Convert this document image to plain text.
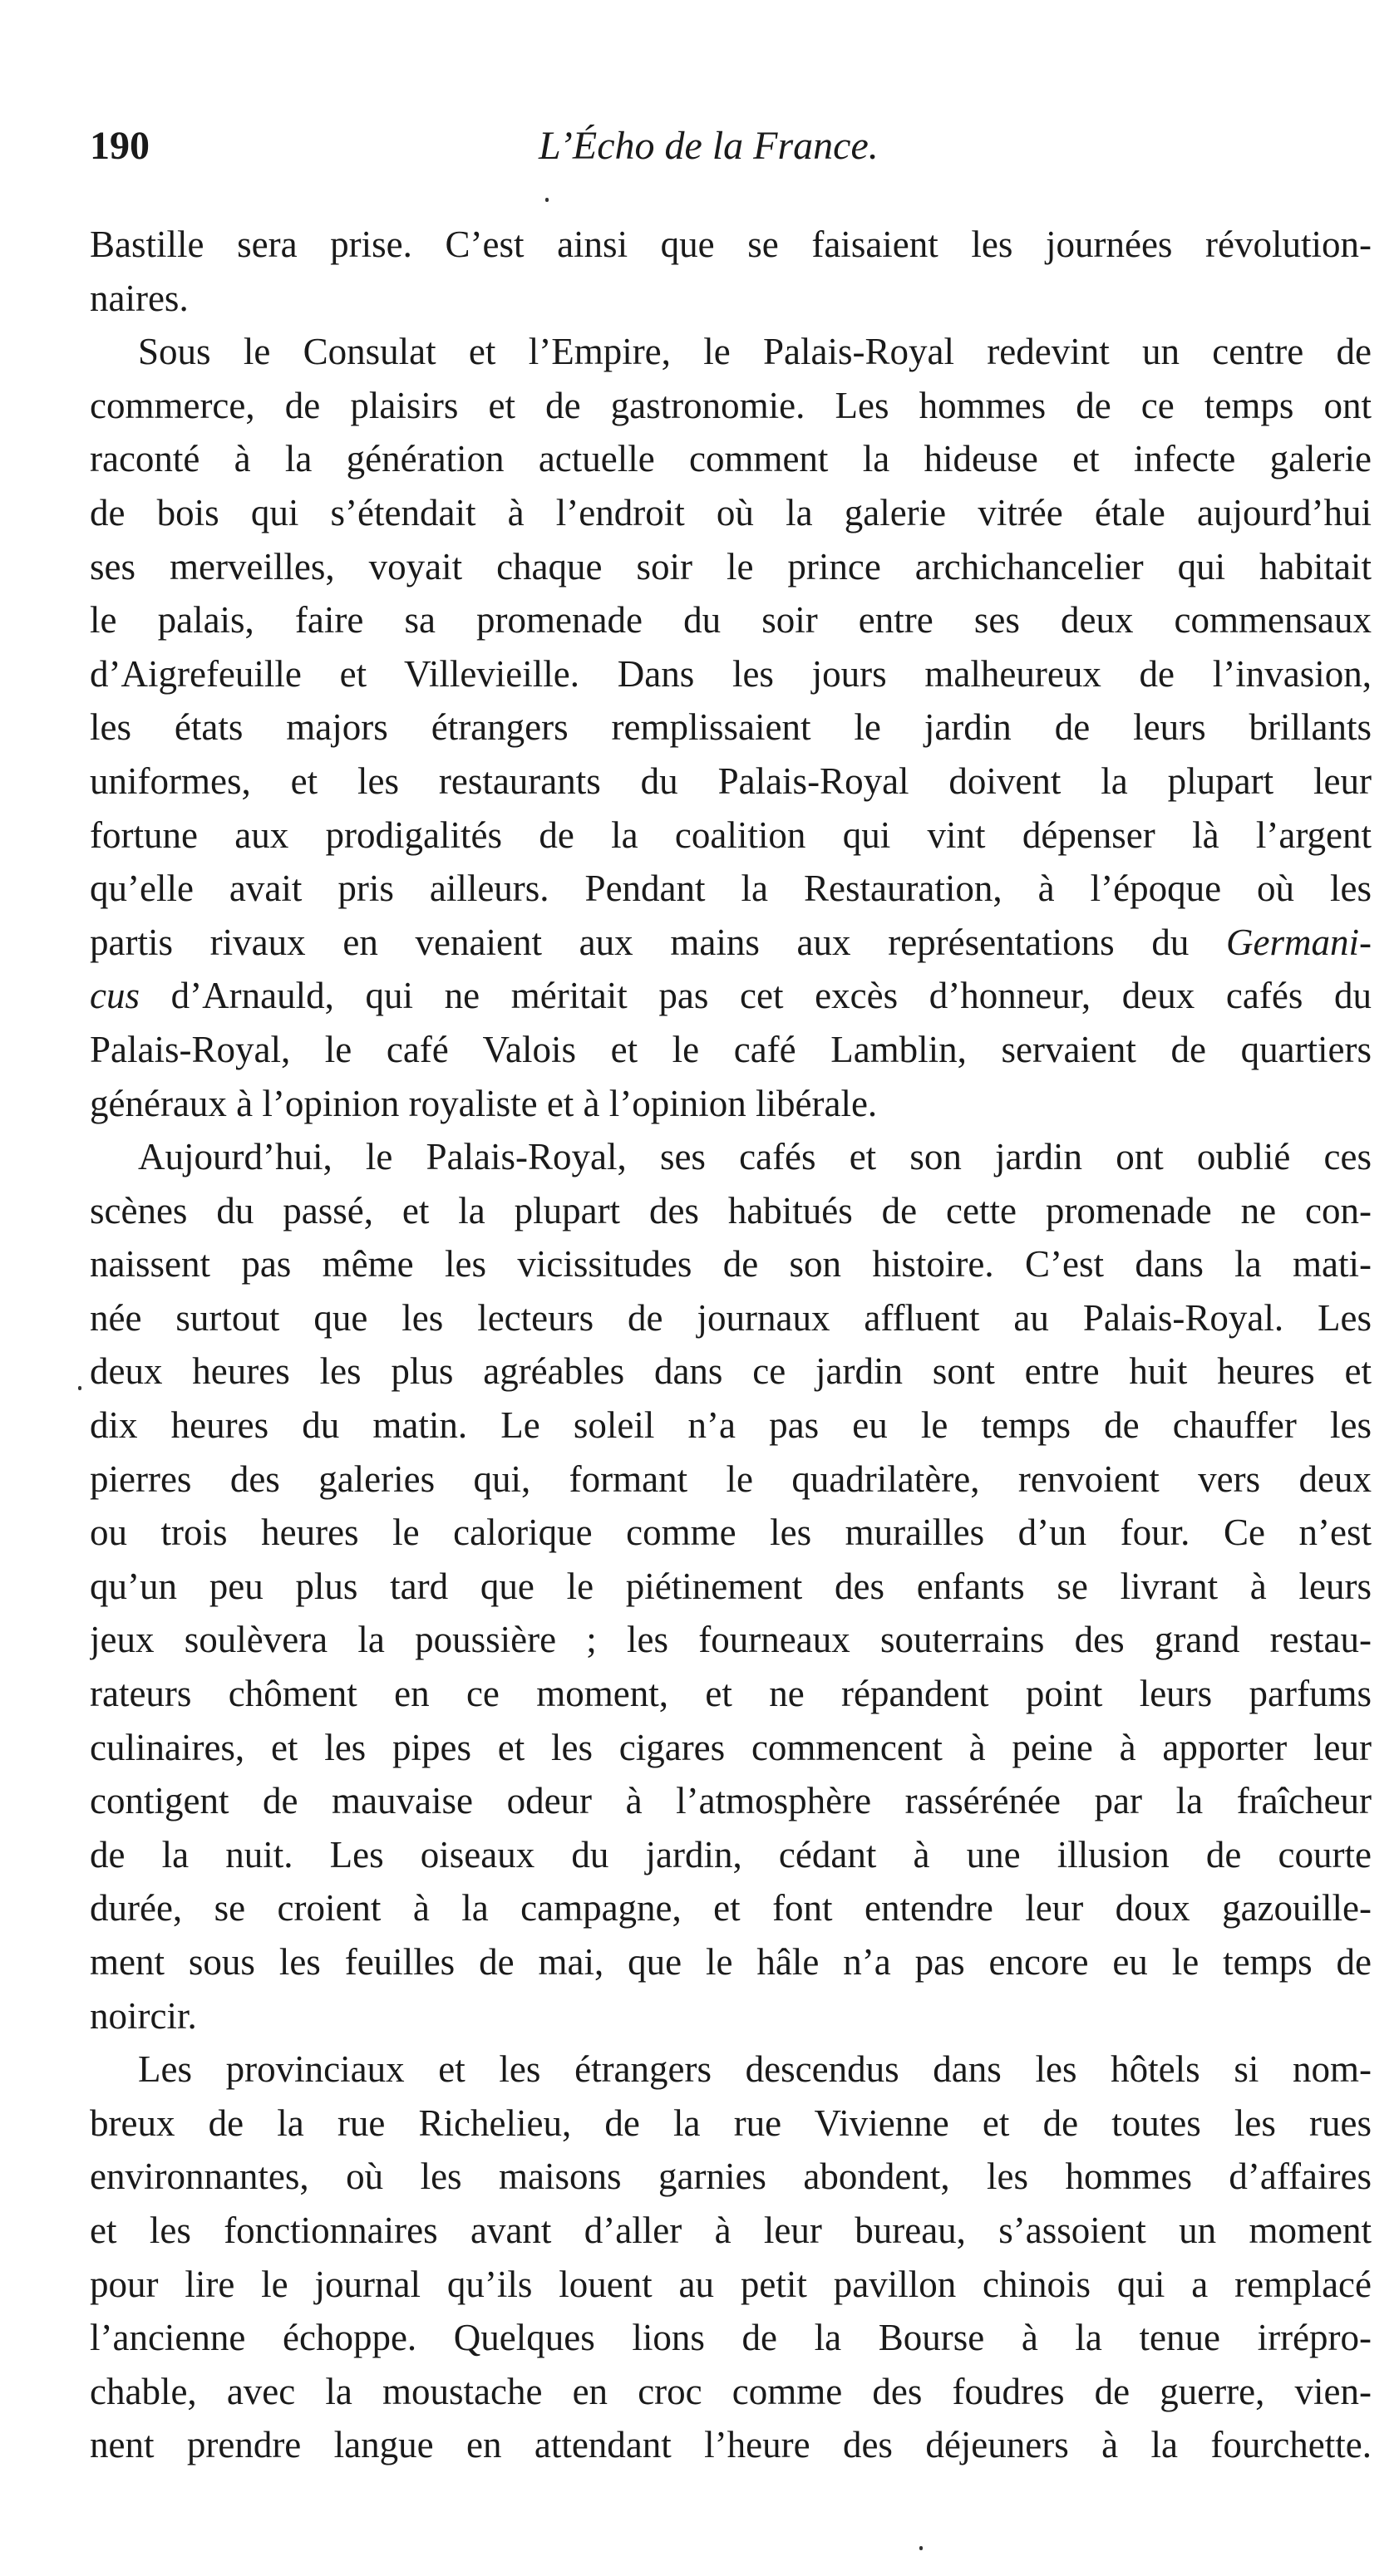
190	L’Écho de la France.
Bastille sera prise. C’est ainsi que se faisaient les journées révolution-
naires.
Sous le Consulat et l’Empire, le Palais-Royal redevint un centre de
commerce, de plaisirs et de gastronomie. Les hommes de ce temps ont
raconté à la génération actuelle comment la hideuse et infecte galerie
de bois qui s’étendait à l’endroit où la galerie vitrée étale aujourd’hui
ses merveilles, voyait chaque soir le prince archichancelier qui habitait
le palais, faire sa promenade du soir entre ses deux commensaux
d’Aigrefeuille et Villevieille. Dans les jours malheureux de l’invasion,
les états majors étrangers remplissaient le jardin de leurs brillants
uniformes, et les restaurants du Palais-Royal doivent la plupart leur
fortune aux prodigalités de la coalition qui vint dépenser là l’argent
qu’elle avait pris ailleurs. Pendant la Restauration, à l’époque où les
partis rivaux en venaient aux mains aux représentations du Germani-
cus d’Arnauld, qui ne méritait pas cet excès d’honneur, deux cafés du
Palais-Royal, le café Valois et le café Lamblin, servaient de quartiers
généraux à l’opinion royaliste et à l’opinion libérale.
Aujourd’hui, le Palais-Royal, ses cafés et son jardin ont oublié ces
scènes du passé, et la plupart des habitués de cette promenade ne con-
naissent pas même les vicissitudes de son histoire. C’est dans la mati-
née surtout que les lecteurs de journaux affluent au Palais-Royal. Les
deux heures les plus agréables dans ce jardin sont entre huit heures et
dix heures du matin. Le soleil n’a pas eu le temps de chauffer les
pierres des galeries qui, formant le quadrilatère, renvoient vers deux
ou trois heures le calorique comme les murailles d’un four. Ce n’est
qu’un peu plus tard que le piétinement des enfants se livrant à leurs
jeux soulèvera la poussière ; les fourneaux souterrains des grand restau-
rateurs chôment en ce moment, et ne répandent point leurs parfums
culinaires, et les pipes et les cigares commencent à peine à apporter leur
contigent de mauvaise odeur à l’atmosphère rassérénée par la fraîcheur
de la nuit. Les oiseaux du jardin, cédant à une illusion de courte
durée, se croient à la campagne, et font entendre leur doux gazouille-
ment sous les feuilles de mai, que le hâle n’a pas encore eu le temps de
noircir.
Les provinciaux et les étrangers descendus dans les hôtels si nom-
breux de la rue Richelieu, de la rue Vivienne et de toutes les rues
environnantes, où les maisons garnies abondent, les hommes d’affaires
et les fonctionnaires avant d’aller à leur bureau, s’assoient un moment
pour lire le journal qu’ils louent au petit pavillon chinois qui a remplacé
l’ancienne échoppe. Quelques lions de la Bourse à la tenue irrépro-
chable, avec la moustache en croc comme des foudres de guerre, vien-
nent prendre langue en attendant l’heure des déjeuners à la fourchette.
